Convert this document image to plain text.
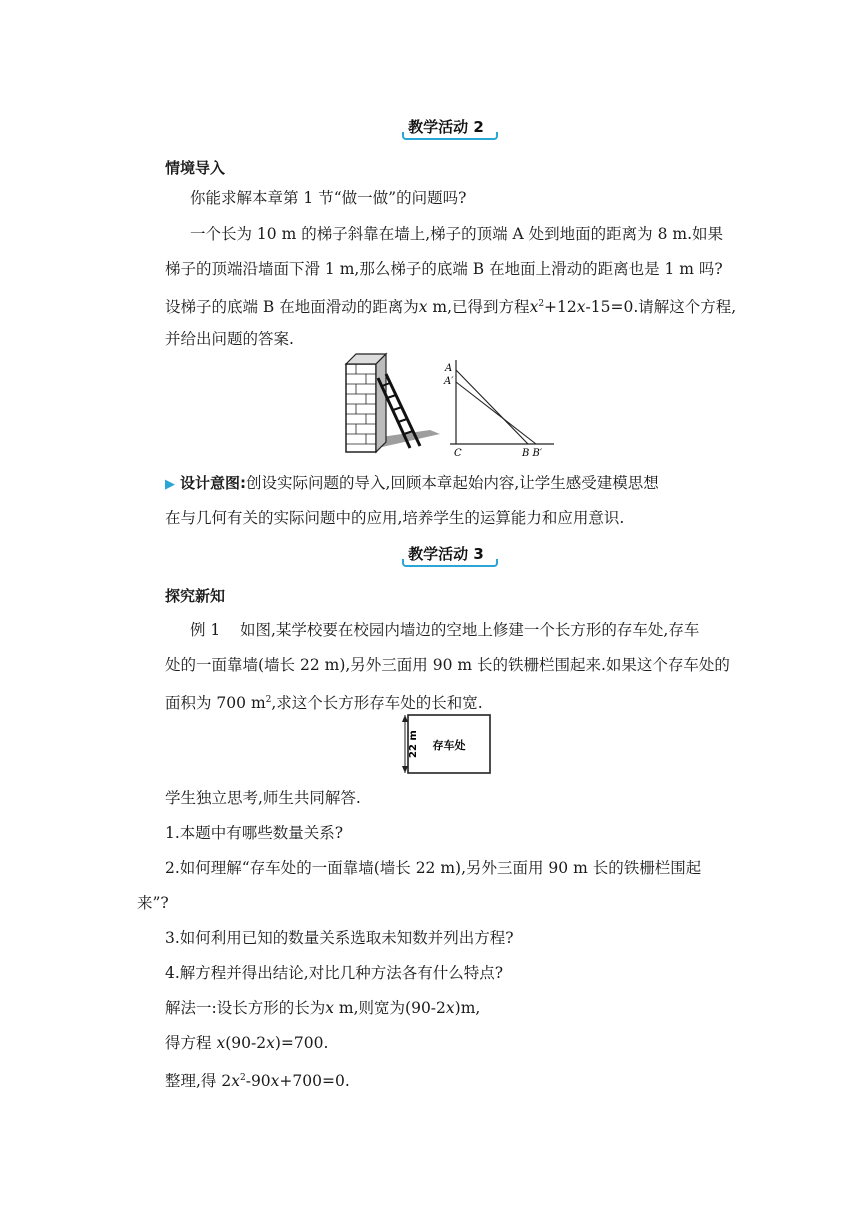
教学活动 2
情境导入
你能求解本章第 1 节“做一做”的问题吗?
一个长为 10 m 的梯子斜靠在墙上,梯子的顶端 A 处到地面的距离为 8 m.如果
梯子的顶端沿墙面下滑 1 m,那么梯子的底端 B 在地面上滑动的距离也是 1 m 吗?
设梯子的底端 B 在地面滑动的距离为x m,已得到方程$x^2+12x-15=0$.请解这个方程,
并给出问题的答案.
A
A′
C	B B′
▶ 设计意图:创设实际问题的导入,回顾本章起始内容,让学生感受建模思想
在与几何有关的实际问题中的应用,培养学生的运算能力和应用意识.
教学活动 3
探究新知
例 1    如图,某学校要在校园内墙边的空地上修建一个长方形的存车处,存车
处的一面靠墙(墙长 22 m),另外三面用 90 m 长的铁栅栏围起来.如果这个存车处的
面积为 700 $m^2$,求这个长方形存车处的长和宽.
22 m 存车处
学生独立思考,师生共同解答.
1.本题中有哪些数量关系?
2.如何理解“存车处的一面靠墙(墙长 22 m),另外三面用 90 m 长的铁栅栏围起
来”?
3.如何利用已知的数量关系选取未知数并列出方程?
4.解方程并得出结论,对比几种方法各有什么特点?
解法一:设长方形的长为x m,则宽为(90-2x)m,
得方程 x(90-2x)=700.
整理,得 $2x^2-90x+700=0$.
